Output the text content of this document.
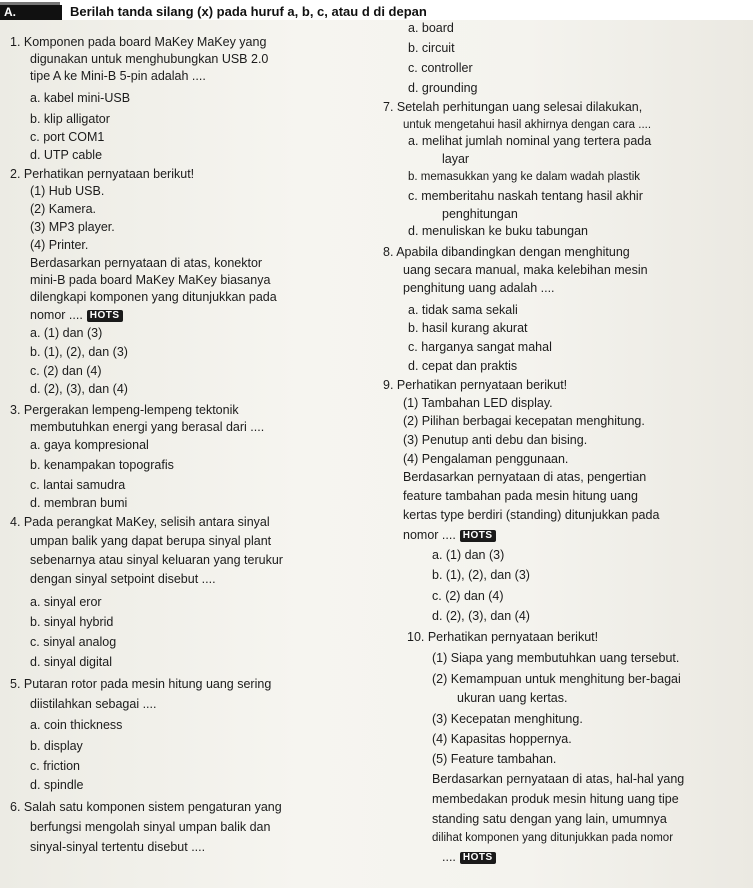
A.	Berilah tanda silang (x) pada huruf a, b, c, atau d di depan
1. Komponen pada board MaKey MaKey yang
digunakan untuk menghubungkan USB 2.0
tipe A ke Mini-B 5-pin adalah ....
a. kabel mini-USB
b. klip alligator
c. port COM1
d. UTP cable
2. Perhatikan pernyataan berikut!
(1) Hub USB.
(2) Kamera.
(3) MP3 player.
(4) Printer.
Berdasarkan pernyataan di atas, konektor
mini-B pada board MaKey MaKey biasanya
dilengkapi komponen yang ditunjukkan pada
nomor .... HOTS
a. (1) dan (3)
b. (1), (2), dan (3)
c. (2) dan (4)
d. (2), (3), dan (4)
3. Pergerakan lempeng-lempeng tektonik
membutuhkan energi yang berasal dari ....
a. gaya kompresional
b. kenampakan topografis
c. lantai samudra
d. membran bumi
4. Pada perangkat MaKey, selisih antara sinyal
umpan balik yang dapat berupa sinyal plant
sebenarnya atau sinyal keluaran yang terukur
dengan sinyal setpoint disebut ....
a. sinyal eror
b. sinyal hybrid
c. sinyal analog
d. sinyal digital
5. Putaran rotor pada mesin hitung uang sering
diistilahkan sebagai ....
a. coin thickness
b. display
c. friction
d. spindle
6. Salah satu komponen sistem pengaturan yang
berfungsi mengolah sinyal umpan balik dan
sinyal-sinyal tertentu disebut ....
a. board
b. circuit
c. controller
d. grounding
7. Setelah perhitungan uang selesai dilakukan,
untuk mengetahui hasil akhirnya dengan cara ....
a. melihat jumlah nominal yang tertera pada
layar
b. memasukkan yang ke dalam wadah plastik
c. memberitahu naskah tentang hasil akhir
penghitungan
d. menuliskan ke buku tabungan
8. Apabila dibandingkan dengan menghitung
uang secara manual, maka kelebihan mesin
penghitung uang adalah ....
a. tidak sama sekali
b. hasil kurang akurat
c. harganya sangat mahal
d. cepat dan praktis
9. Perhatikan pernyataan berikut!
(1) Tambahan LED display.
(2) Pilihan berbagai kecepatan menghitung.
(3) Penutup anti debu dan bising.
(4) Pengalaman penggunaan.
Berdasarkan pernyataan di atas, pengertian
feature tambahan pada mesin hitung uang
kertas type berdiri (standing) ditunjukkan pada
nomor .... HOTS
a. (1) dan (3)
b. (1), (2), dan (3)
c. (2) dan (4)
d. (2), (3), dan (4)
10. Perhatikan pernyataan berikut!
(1) Siapa yang membutuhkan uang tersebut.
(2) Kemampuan untuk menghitung ber-bagai
ukuran uang kertas.
(3) Kecepatan menghitung.
(4) Kapasitas hoppernya.
(5) Feature tambahan.
Berdasarkan pernyataan di atas, hal-hal yang
membedakan produk mesin hitung uang tipe
standing satu dengan yang lain, umumnya
dilihat komponen yang ditunjukkan pada nomor
.... HOTS
